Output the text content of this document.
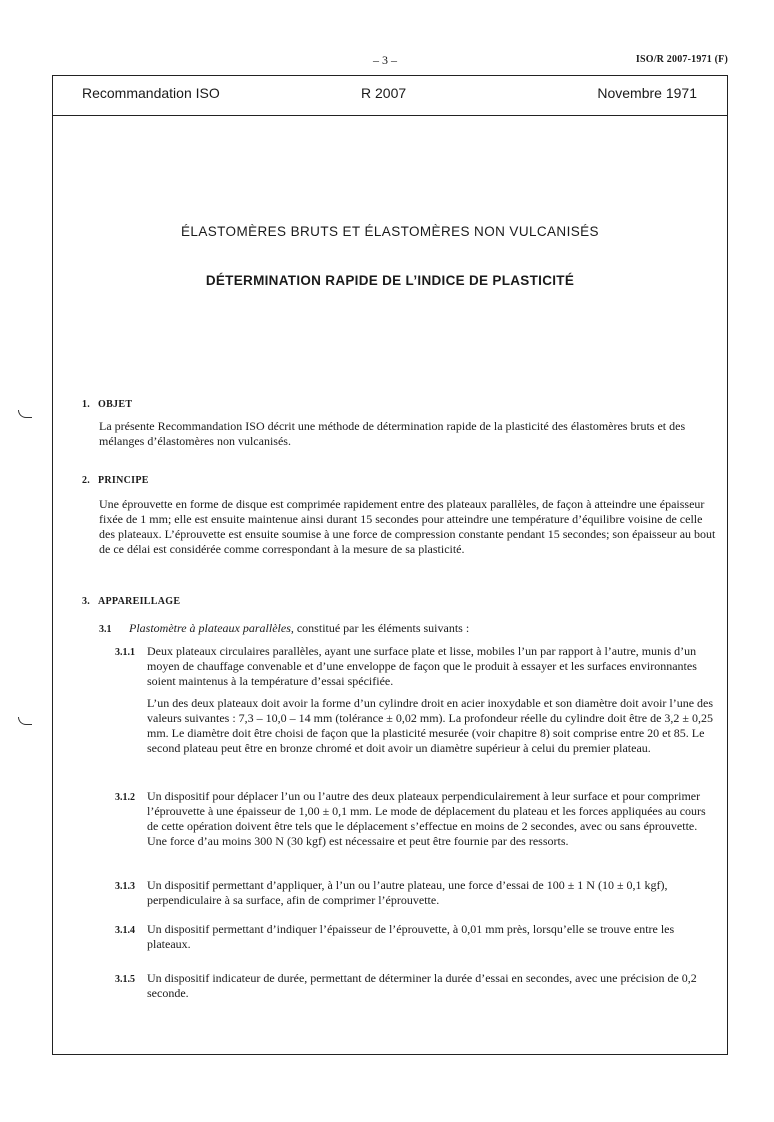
– 3 –	ISO/R 2007-1971 (F)
Recommandation ISO	R 2007	Novembre 1971
ÉLASTOMÈRES BRUTS ET ÉLASTOMÈRES NON VULCANISÉS
DÉTERMINATION RAPIDE DE L’INDICE DE PLASTICITÉ
1. OBJET
La présente Recommandation ISO décrit une méthode de détermination rapide de la plasticité des élastomères bruts et des mélanges d’élastomères non vulcanisés.
2. PRINCIPE
Une éprouvette en forme de disque est comprimée rapidement entre des plateaux parallèles, de façon à atteindre une épaisseur fixée de 1 mm; elle est ensuite maintenue ainsi durant 15 secondes pour atteindre une température d’équilibre voisine de celle des plateaux. L’éprouvette est ensuite soumise à une force de compression constante pendant 15 secondes; son épaisseur au bout de ce délai est considérée comme correspondant à la mesure de sa plasticité.
3. APPAREILLAGE
3.1 Plastomètre à plateaux parallèles, constitué par les éléments suivants :
3.1.1 Deux plateaux circulaires parallèles, ayant une surface plate et lisse, mobiles l’un par rapport à l’autre, munis d’un moyen de chauffage convenable et d’une enveloppe de façon que le produit à essayer et les surfaces environnantes soient maintenus à la température d’essai spécifiée.
L’un des deux plateaux doit avoir la forme d’un cylindre droit en acier inoxydable et son diamètre doit avoir l’une des valeurs suivantes : 7,3 – 10,0 – 14 mm (tolérance ± 0,02 mm). La profondeur réelle du cylindre doit être de 3,2 ± 0,25 mm. Le diamètre doit être choisi de façon que la plasticité mesurée (voir chapitre 8) soit comprise entre 20 et 85. Le second plateau peut être en bronze chromé et doit avoir un diamètre supérieur à celui du premier plateau.
3.1.2 Un dispositif pour déplacer l’un ou l’autre des deux plateaux perpendiculairement à leur surface et pour comprimer l’éprouvette à une épaisseur de 1,00 ± 0,1 mm. Le mode de déplacement du plateau et les forces appliquées au cours de cette opération doivent être tels que le déplacement s’effectue en moins de 2 secondes, avec ou sans éprouvette. Une force d’au moins 300 N (30 kgf) est nécessaire et peut être fournie par des ressorts.
3.1.3 Un dispositif permettant d’appliquer, à l’un ou l’autre plateau, une force d’essai de 100 ± 1 N (10 ± 0,1 kgf), perpendiculaire à sa surface, afin de comprimer l’éprouvette.
3.1.4 Un dispositif permettant d’indiquer l’épaisseur de l’éprouvette, à 0,01 mm près, lorsqu’elle se trouve entre les plateaux.
3.1.5 Un dispositif indicateur de durée, permettant de déterminer la durée d’essai en secondes, avec une précision de 0,2 seconde.
